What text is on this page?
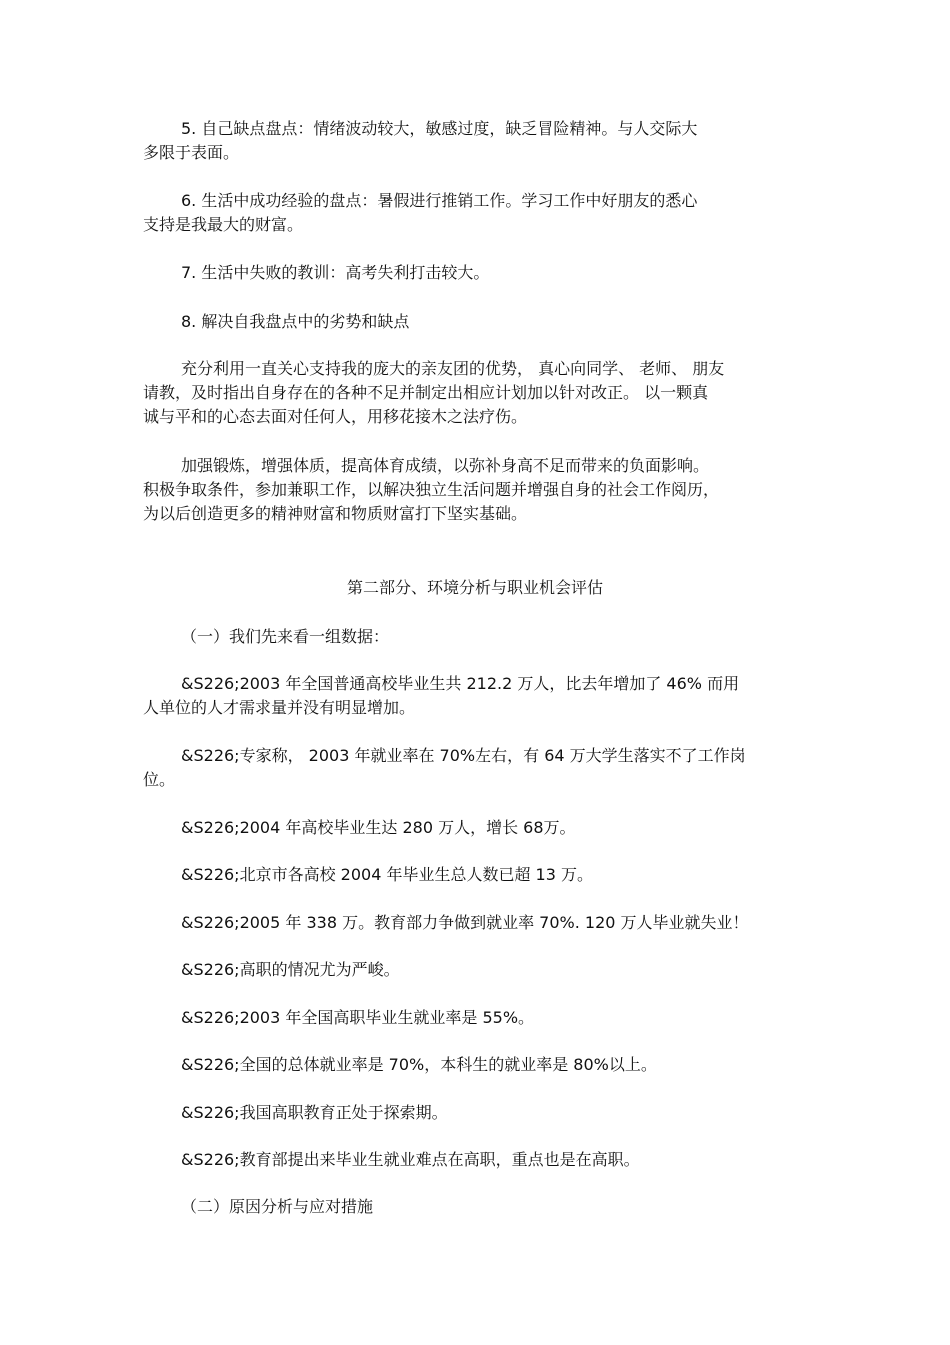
5. 自己缺点盘点：情绪波动较大，敏感过度，缺乏冒险精神。与人交际大
多限于表面。

6. 生活中成功经验的盘点：暑假进行推销工作。学习工作中好朋友的悉心
支持是我最大的财富。

7. 生活中失败的教训：高考失利打击较大。

8. 解决自我盘点中的劣势和缺点

充分利用一直关心支持我的庞大的亲友团的优势， 真心向同学、 老师、 朋友
请教，及时指出自身存在的各种不足并制定出相应计划加以针对改正。 以一颗真
诚与平和的心态去面对任何人，用移花接木之法疗伤。

加强锻炼，增强体质，提高体育成绩，以弥补身高不足而带来的负面影响。
积极争取条件，参加兼职工作，以解决独立生活问题并增强自身的社会工作阅历，
为以后创造更多的精神财富和物质财富打下坚实基础。

第二部分、环境分析与职业机会评估

（一）我们先来看一组数据：

&S226;2003 年全国普通高校毕业生共 212.2 万人，比去年增加了 46% 而用
人单位的人才需求量并没有明显增加。

&S226;专家称， 2003 年就业率在 70%左右，有 64 万大学生落实不了工作岗
位。

&S226;2004 年高校毕业生达 280 万人，增长 68万。

&S226;北京市各高校 2004 年毕业生总人数已超 13 万。

&S226;2005 年 338 万。教育部力争做到就业率 70%. 120 万人毕业就失业！

&S226;高职的情况尤为严峻。

&S226;2003 年全国高职毕业生就业率是 55%。

&S226;全国的总体就业率是 70%，本科生的就业率是 80%以上。

&S226;我国高职教育正处于探索期。

&S226;教育部提出来毕业生就业难点在高职，重点也是在高职。

（二）原因分析与应对措施
